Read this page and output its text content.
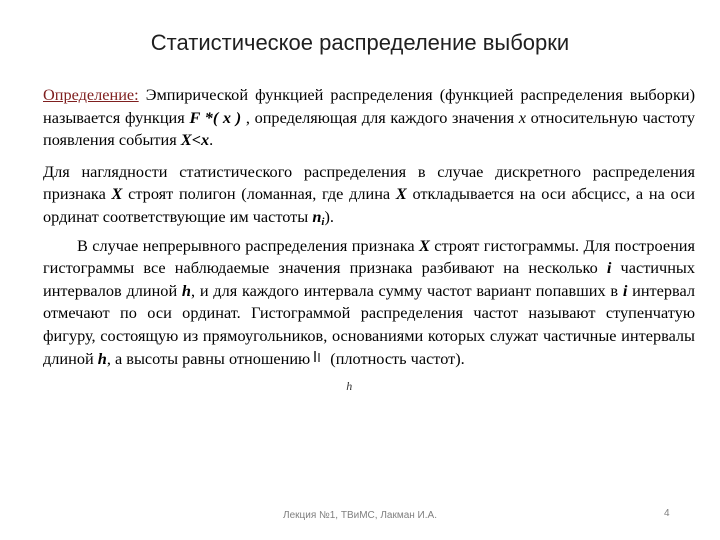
Статистическое распределение выборки

Определение: Эмпирической функцией распределения (функцией распределения выборки) называется функция F *( x ) , определяющая для каждого значения х относительную частоту появления события X<x.

Для наглядности статистического распределения в случае дискретного распределения признака X строят полигон (ломанная, где длина X откладывается на оси абсцисс, а на оси ординат соответствующие им частоты $n_i$).

В случае непрерывного распределения признака X строят гистограммы. Для построения гистограммы все наблюдаемые значения признака разбивают на несколько i частичных интервалов длиной h, и для каждого интервала сумму частот вариант попавших в i интервал отмечают по оси ординат. Гистограммой распределения частот называют ступенчатую фигуру, состоящую из прямоугольников, основаниями которых служат частичные интервалы длиной h, а высоты равны отношению
h
(плотность частот).

Лекция №1, ТВиМС, Лакман И.А.	4
